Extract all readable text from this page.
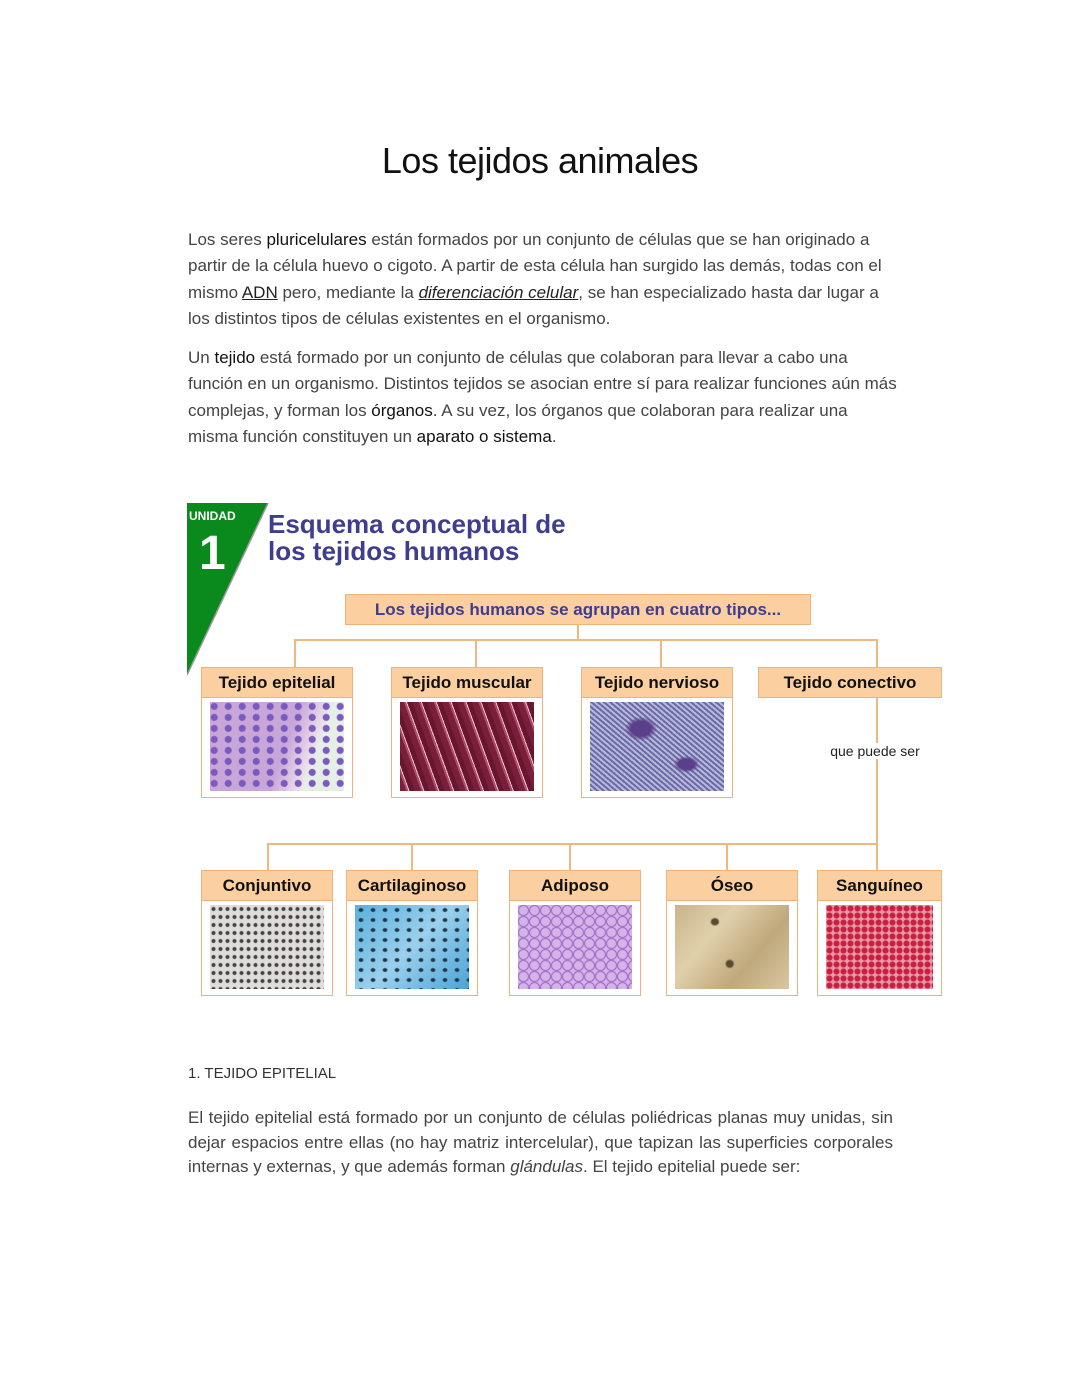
Los tejidos animales

Los seres pluricelulares están formados por un conjunto de células que se han originado a partir de la célula huevo o cigoto. A partir de esta célula han surgido las demás, todas con el mismo ADN pero, mediante la diferenciación celular, se han especializado hasta dar lugar a los distintos tipos de células existentes en el organismo.

Un tejido está formado por un conjunto de células que colaboran para llevar a cabo una función en un organismo. Distintos tejidos se asocian entre sí para realizar funciones aún más complejas, y forman los órganos. A su vez, los órganos que colaboran para realizar una misma función constituyen un aparato o sistema.

UNIDAD
1
Esquema conceptual de
los tejidos humanos
que puede ser
Los tejidos humanos se agrupan en cuatro tipos...
Tejido epitelial	Tejido muscular	Tejido nervioso	Tejido conectivo
Conjuntivo	Cartilaginoso	Adiposo	Óseo	Sanguíneo
1. TEJIDO EPITELIAL

El tejido epitelial está formado por un conjunto de células poliédricas planas muy unidas, sin dejar espacios entre ellas (no hay matriz intercelular), que tapizan las superficies corporales internas y externas, y que además forman glándulas. El tejido epitelial puede ser:
